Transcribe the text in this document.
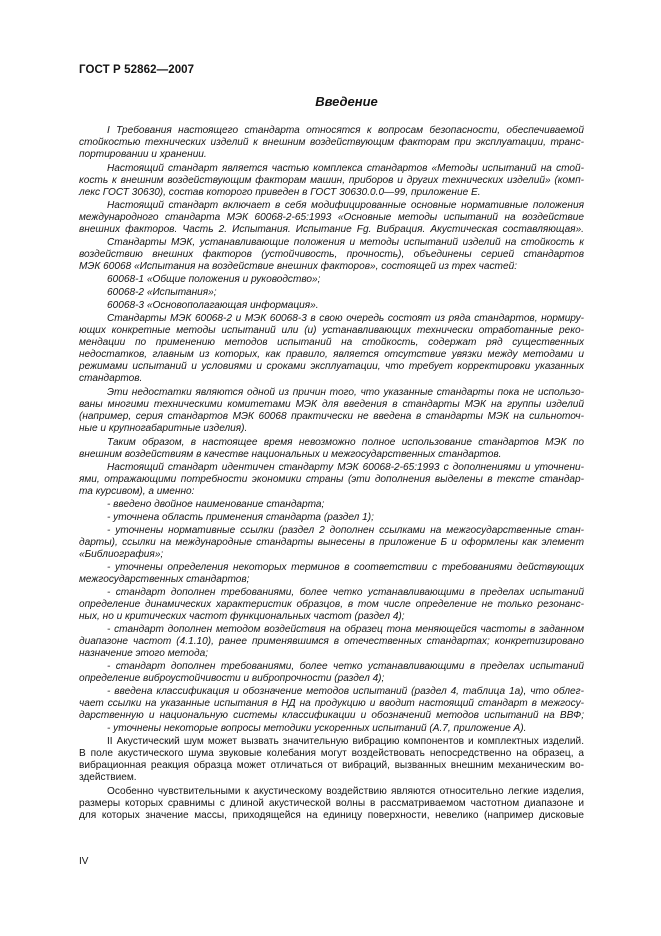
ГОСТ Р 52862—2007
Введение
I Требования настоящего стандарта относятся к вопросам безопасности, обеспечиваемой
стойкостью технических изделий к внешним воздействующим факторам при эксплуатации, транс-
портировании и хранении.
Настоящий стандарт является частью комплекса стандартов «Методы испытаний на стой-
кость к внешним воздействующим факторам машин, приборов и других технических изделий» (комп-
лекс ГОСТ 30630), состав которого приведен в ГОСТ 30630.0.0—99, приложение Е.
Настоящий стандарт включает в себя модифицированные основные нормативные положения
международного стандарта МЭК 60068-2-65:1993 «Основные методы испытаний на воздействие
внешних факторов. Часть 2. Испытания. Испытание Fg. Вибрация. Акустическая составляющая».
Стандарты МЭК, устанавливающие положения и методы испытаний изделий на стойкость к
воздействию внешних факторов (устойчивость, прочность), объединены серией стандартов
МЭК 60068 «Испытания на воздействие внешних факторов», состоящей из трех частей:
60068-1 «Общие положения и руководство»;
60068-2 «Испытания»;
60068-3 «Основополагающая информация».
Стандарты МЭК 60068-2 и МЭК 60068-3 в свою очередь состоят из ряда стандартов, нормиру-
ющих конкретные методы испытаний или (и) устанавливающих технически отработанные реко-
мендации по применению методов испытаний на стойкость, содержат ряд существенных
недостатков, главным из которых, как правило, является отсутствие увязки между методами и
режимами испытаний и условиями и сроками эксплуатации, что требует корректировки указанных
стандартов.
Эти недостатки являются одной из причин того, что указанные стандарты пока не использо-
ваны многими техническими комитетами МЭК для введения в стандарты МЭК на группы изделий
(например, серия стандартов МЭК 60068 практически не введена в стандарты МЭК на сильноточ-
ные и крупногабаритные изделия).
Таким образом, в настоящее время невозможно полное использование стандартов МЭК по
внешним воздействиям в качестве национальных и межгосударственных стандартов.
Настоящий стандарт идентичен стандарту МЭК 60068-2-65:1993 с дополнениями и уточнени-
ями, отражающими потребности экономики страны (эти дополнения выделены в тексте стандар-
та курсивом), а именно:
- введено двойное наименование стандарта;
- уточнена область применения стандарта (раздел 1);
- уточнены нормативные ссылки (раздел 2 дополнен ссылками на межгосударственные стан-
дарты), ссылки на международные стандарты вынесены в приложение Б и оформлены как элемент
«Библиография»;
- уточнены определения некоторых терминов в соответствии с требованиями действующих
межгосударственных стандартов;
- стандарт дополнен требованиями, более четко устанавливающими в пределах испытаний
определение динамических характеристик образцов, в том числе определение не только резонанс-
ных, но и критических частот функциональных частот (раздел 4);
- стандарт дополнен методом воздействия на образец тона меняющейся частоты в заданном
диапазоне частот (4.1.10), ранее применявшимся в отечественных стандартах; конкретизировано
назначение этого метода;
- стандарт дополнен требованиями, более четко устанавливающими в пределах испытаний
определение виброустойчивости и вибропрочности (раздел 4);
- введена классификация и обозначение методов испытаний (раздел 4, таблица 1а), что облег-
чает ссылки на указанные испытания в НД на продукцию и вводит настоящий стандарт в межгосу-
дарственную и национальную системы классификации и обозначений методов испытаний на ВВФ;
- уточнены некоторые вопросы методики ускоренных испытаний (А.7, приложение А).
II Акустический шум может вызвать значительную вибрацию компонентов и комплектных изделий.
В поле акустического шума звуковые колебания могут воздействовать непосредственно на образец, а
вибрационная реакция образца может отличаться от вибраций, вызванных внешним механическим во-
здействием.
Особенно чувствительными к акустическому воздействию являются относительно легкие изделия,
размеры которых сравнимы с длиной акустической волны в рассматриваемом частотном диапазоне и
для которых значение массы, приходящейся на единицу поверхности, невелико (например дисковые
IV
